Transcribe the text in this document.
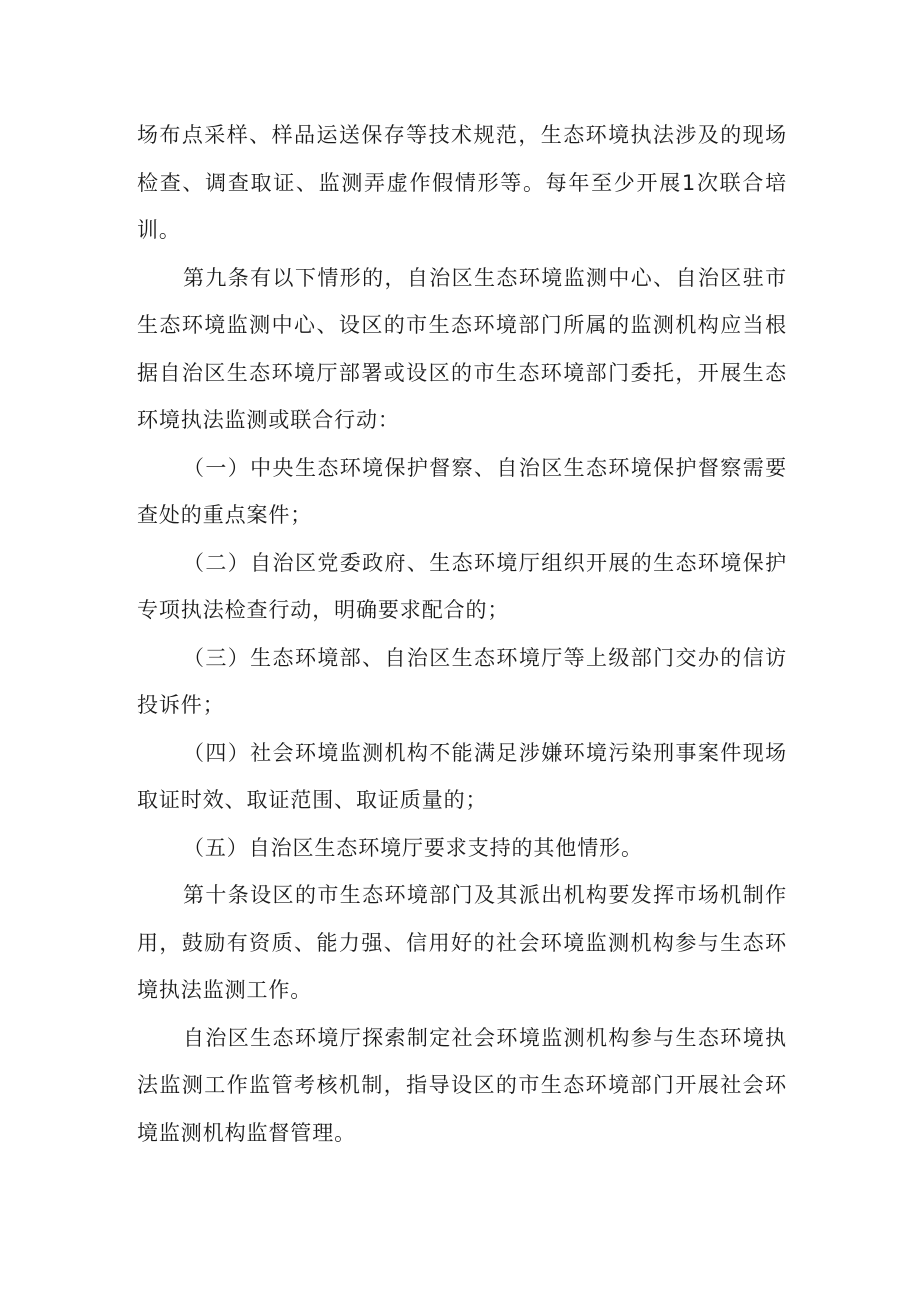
场布点采样、样品运送保存等技术规范，生态环境执法涉及的现场检查、调查取证、监测弄虚作假情形等。每年至少开展1次联合培训。

第九条有以下情形的，自治区生态环境监测中心、自治区驻市生态环境监测中心、设区的市生态环境部门所属的监测机构应当根据自治区生态环境厅部署或设区的市生态环境部门委托，开展生态环境执法监测或联合行动：

（一）中央生态环境保护督察、自治区生态环境保护督察需要查处的重点案件；

（二）自治区党委政府、生态环境厅组织开展的生态环境保护专项执法检查行动，明确要求配合的；

（三）生态环境部、自治区生态环境厅等上级部门交办的信访投诉件；

（四）社会环境监测机构不能满足涉嫌环境污染刑事案件现场取证时效、取证范围、取证质量的；

（五）自治区生态环境厅要求支持的其他情形。

第十条设区的市生态环境部门及其派出机构要发挥市场机制作用，鼓励有资质、能力强、信用好的社会环境监测机构参与生态环境执法监测工作。

自治区生态环境厅探索制定社会环境监测机构参与生态环境执法监测工作监管考核机制，指导设区的市生态环境部门开展社会环境监测机构监督管理。
